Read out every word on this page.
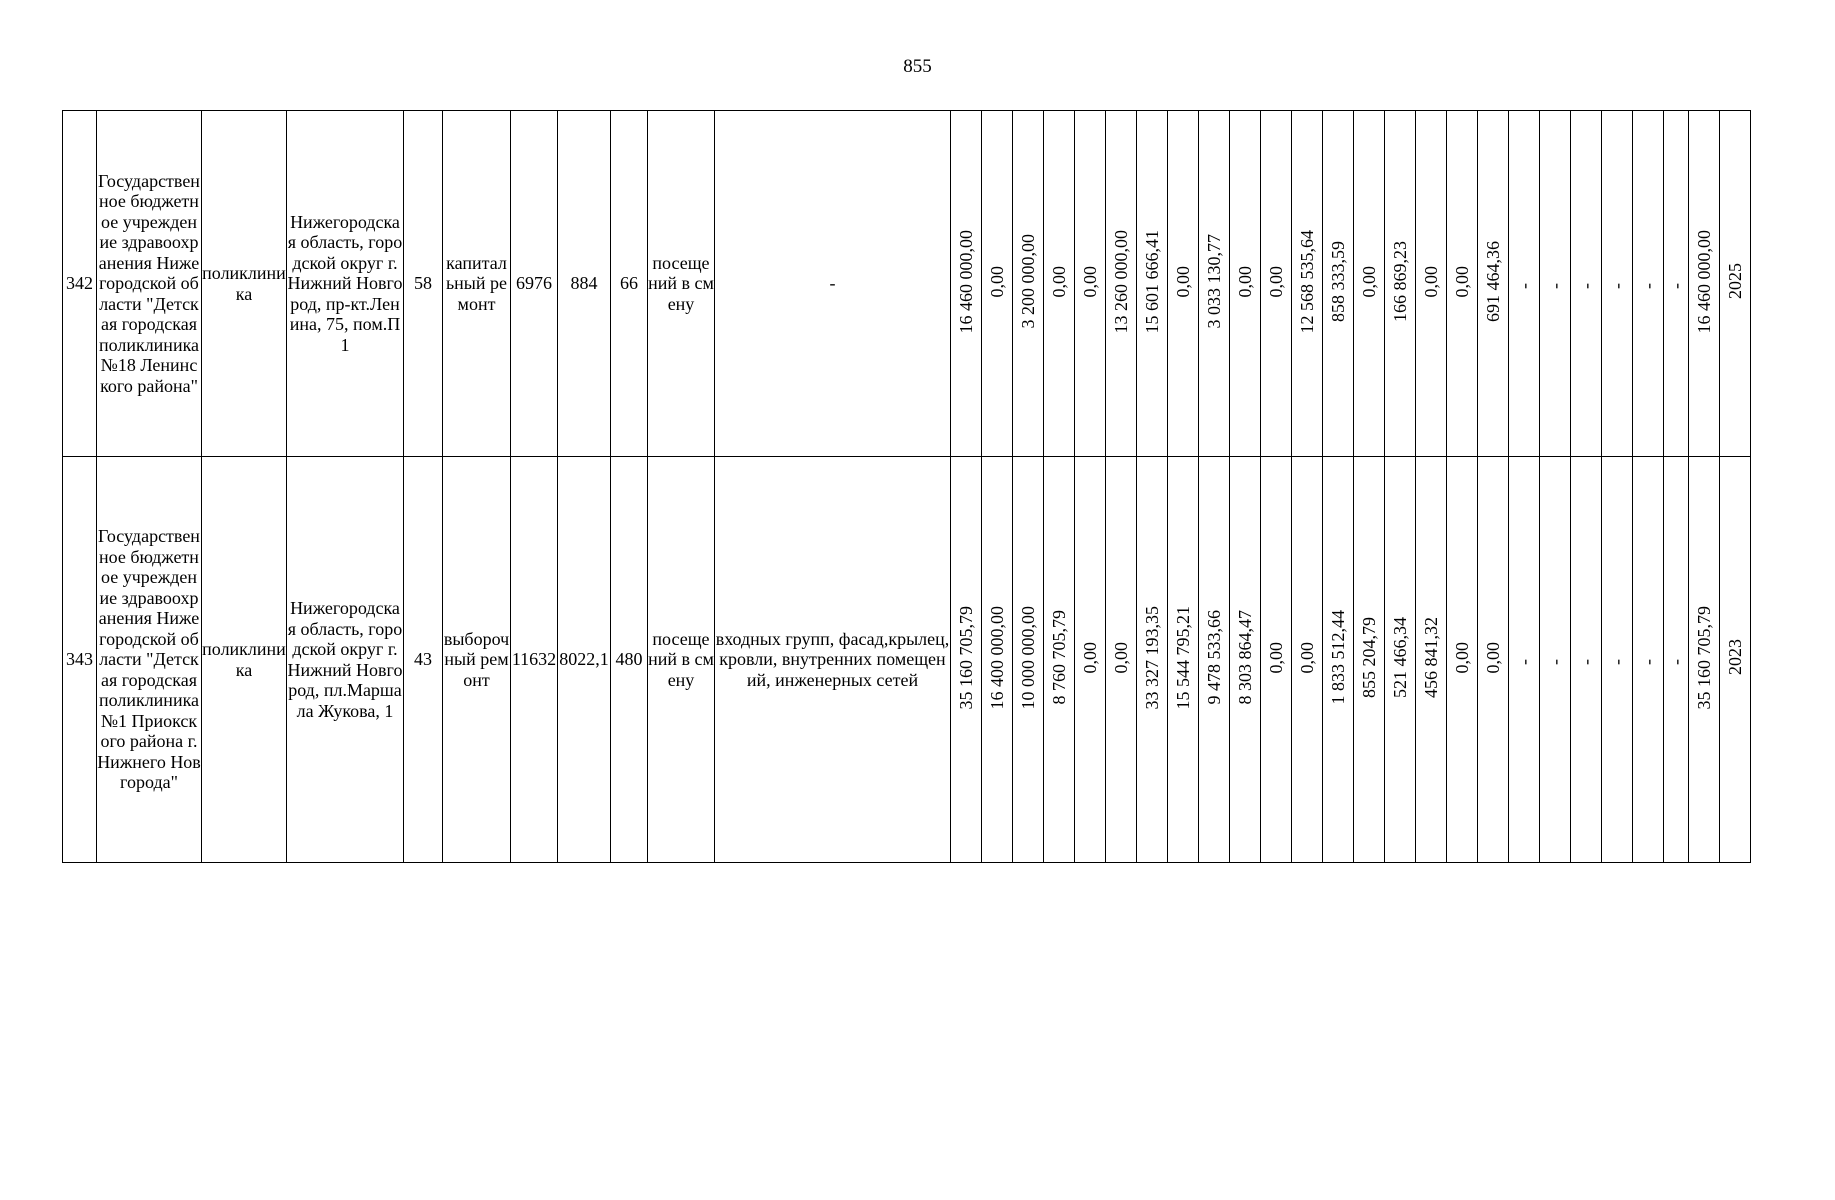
855
342	Государственное бюджетное учреждение здравоохранения Нижегородской области "Детская городская поликлиника №18 Ленинского района"	поликлиника	Нижегородская область, городской округ г. Нижний Новгород, пр-кт.Ленина, 75, пом.П1	58	капитальный ремонт	6976	884	66	посещений в смену	-	16 460 000,00	0,00	3 200 000,00	0,00	0,00	13 260 000,00	15 601 666,41	0,00	3 033 130,77	0,00	0,00	12 568 535,64	858 333,59	0,00	166 869,23	0,00	0,00	691 464,36	-	-	-	-	-	-	16 460 000,00	2025

343	Государственное бюджетное учреждение здравоохранения Нижегородской области "Детская городская поликлиника №1 Приокского района г.Нижнего Новгорода"	поликлиника	Нижегородская область, городской округ г. Нижний Новгород, пл.Маршала Жукова, 1	43	выборочный ремонт	11632	8022,1	480	посещений в смену	входных групп, фасад,крылец, кровли, внутренних помещений, инженерных сетей	35 160 705,79	16 400 000,00	10 000 000,00	8 760 705,79	0,00	0,00	33 327 193,35	15 544 795,21	9 478 533,66	8 303 864,47	0,00	0,00	1 833 512,44	855 204,79	521 466,34	456 841,32	0,00	0,00	-	-	-	-	-	-	35 160 705,79	2023
